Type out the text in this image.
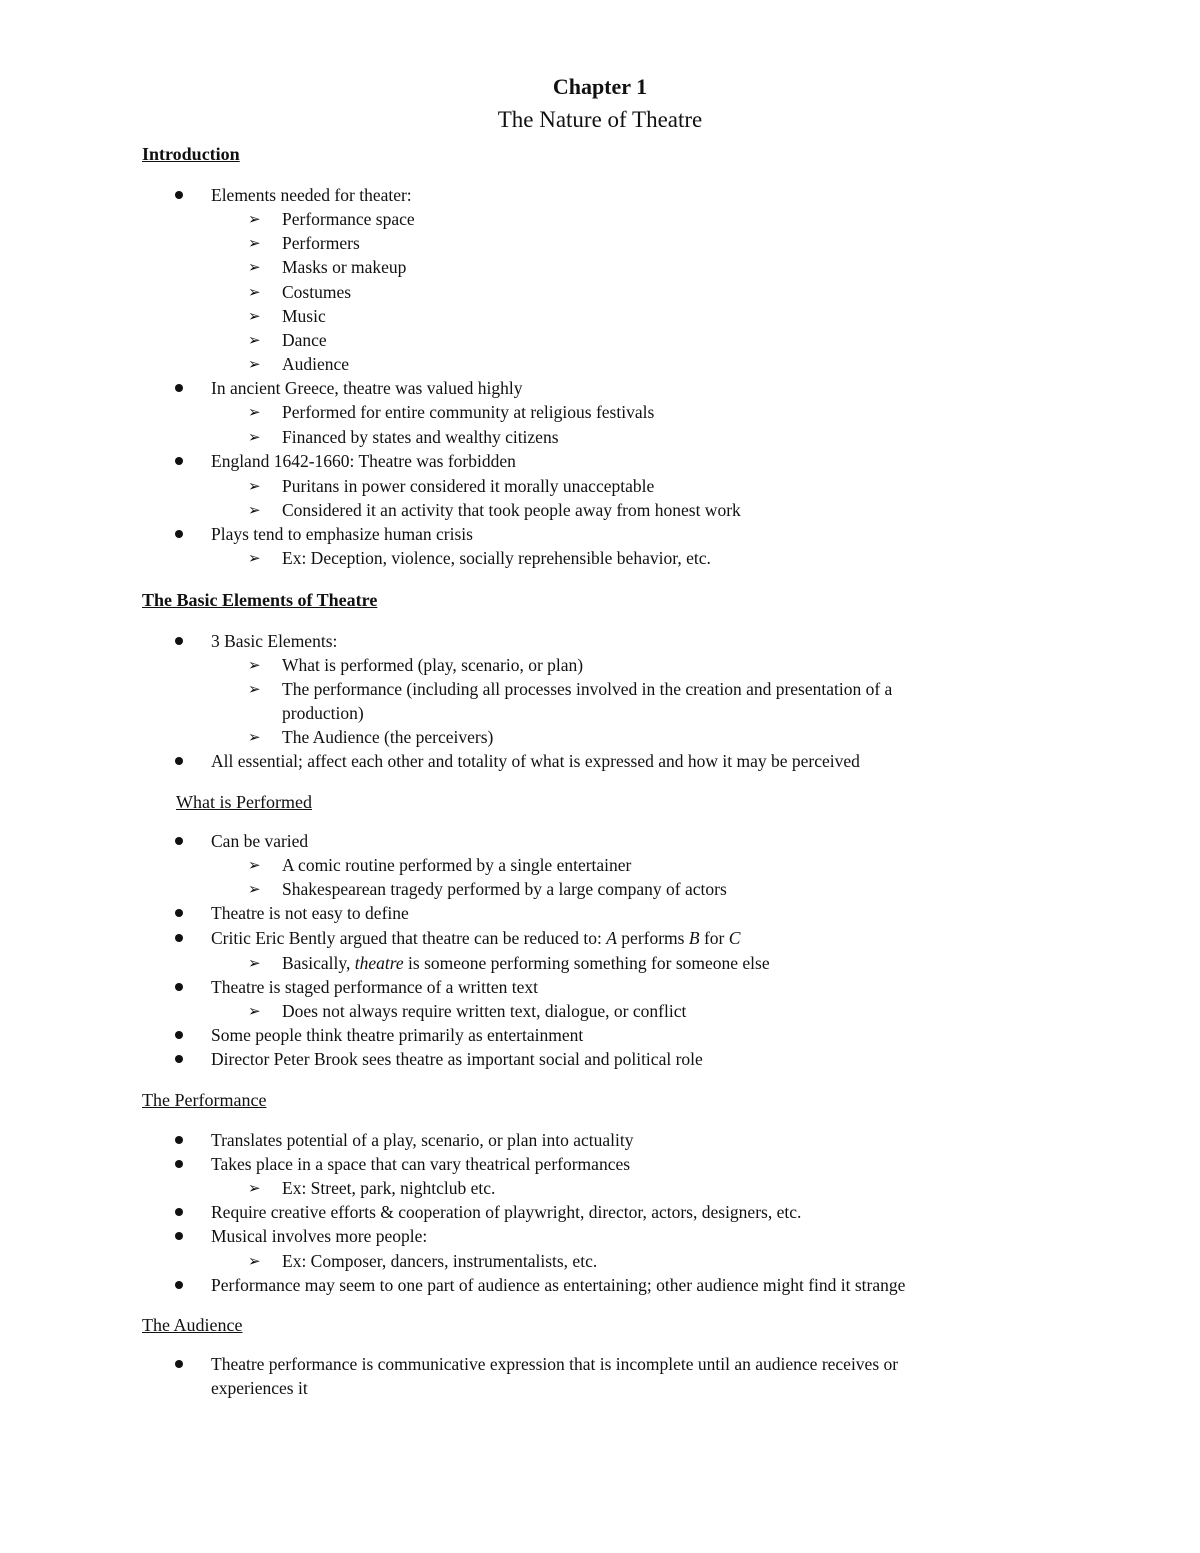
Chapter 1
The Nature of Theatre
Introduction
Elements needed for theater:
➢ Performance space
➢ Performers
➢ Masks or makeup
➢ Costumes
➢ Music
➢ Dance
➢ Audience
In ancient Greece, theatre was valued highly
➢ Performed for entire community at religious festivals
➢ Financed by states and wealthy citizens
England 1642-1660: Theatre was forbidden
➢ Puritans in power considered it morally unacceptable
➢ Considered it an activity that took people away from honest work
Plays tend to emphasize human crisis
➢ Ex: Deception, violence, socially reprehensible behavior, etc.
The Basic Elements of Theatre
3 Basic Elements:
➢ What is performed (play, scenario, or plan)
➢ The performance (including all processes involved in the creation and presentation of a
production)
➢ The Audience (the perceivers)
All essential; affect each other and totality of what is expressed and how it may be perceived
What is Performed
Can be varied
➢ A comic routine performed by a single entertainer
➢ Shakespearean tragedy performed by a large company of actors
Theatre is not easy to define
Critic Eric Bently argued that theatre can be reduced to: A performs B for C
➢ Basically, theatre is someone performing something for someone else
Theatre is staged performance of a written text
➢ Does not always require written text, dialogue, or conflict
Some people think theatre primarily as entertainment
Director Peter Brook sees theatre as important social and political role
The Performance
Translates potential of a play, scenario, or plan into actuality
Takes place in a space that can vary theatrical performances
➢ Ex: Street, park, nightclub etc.
Require creative efforts & cooperation of playwright, director, actors, designers, etc.
Musical involves more people:
➢ Ex: Composer, dancers, instrumentalists, etc.
Performance may seem to one part of audience as entertaining; other audience might find it strange
The Audience
Theatre performance is communicative expression that is incomplete until an audience receives or
experiences it
